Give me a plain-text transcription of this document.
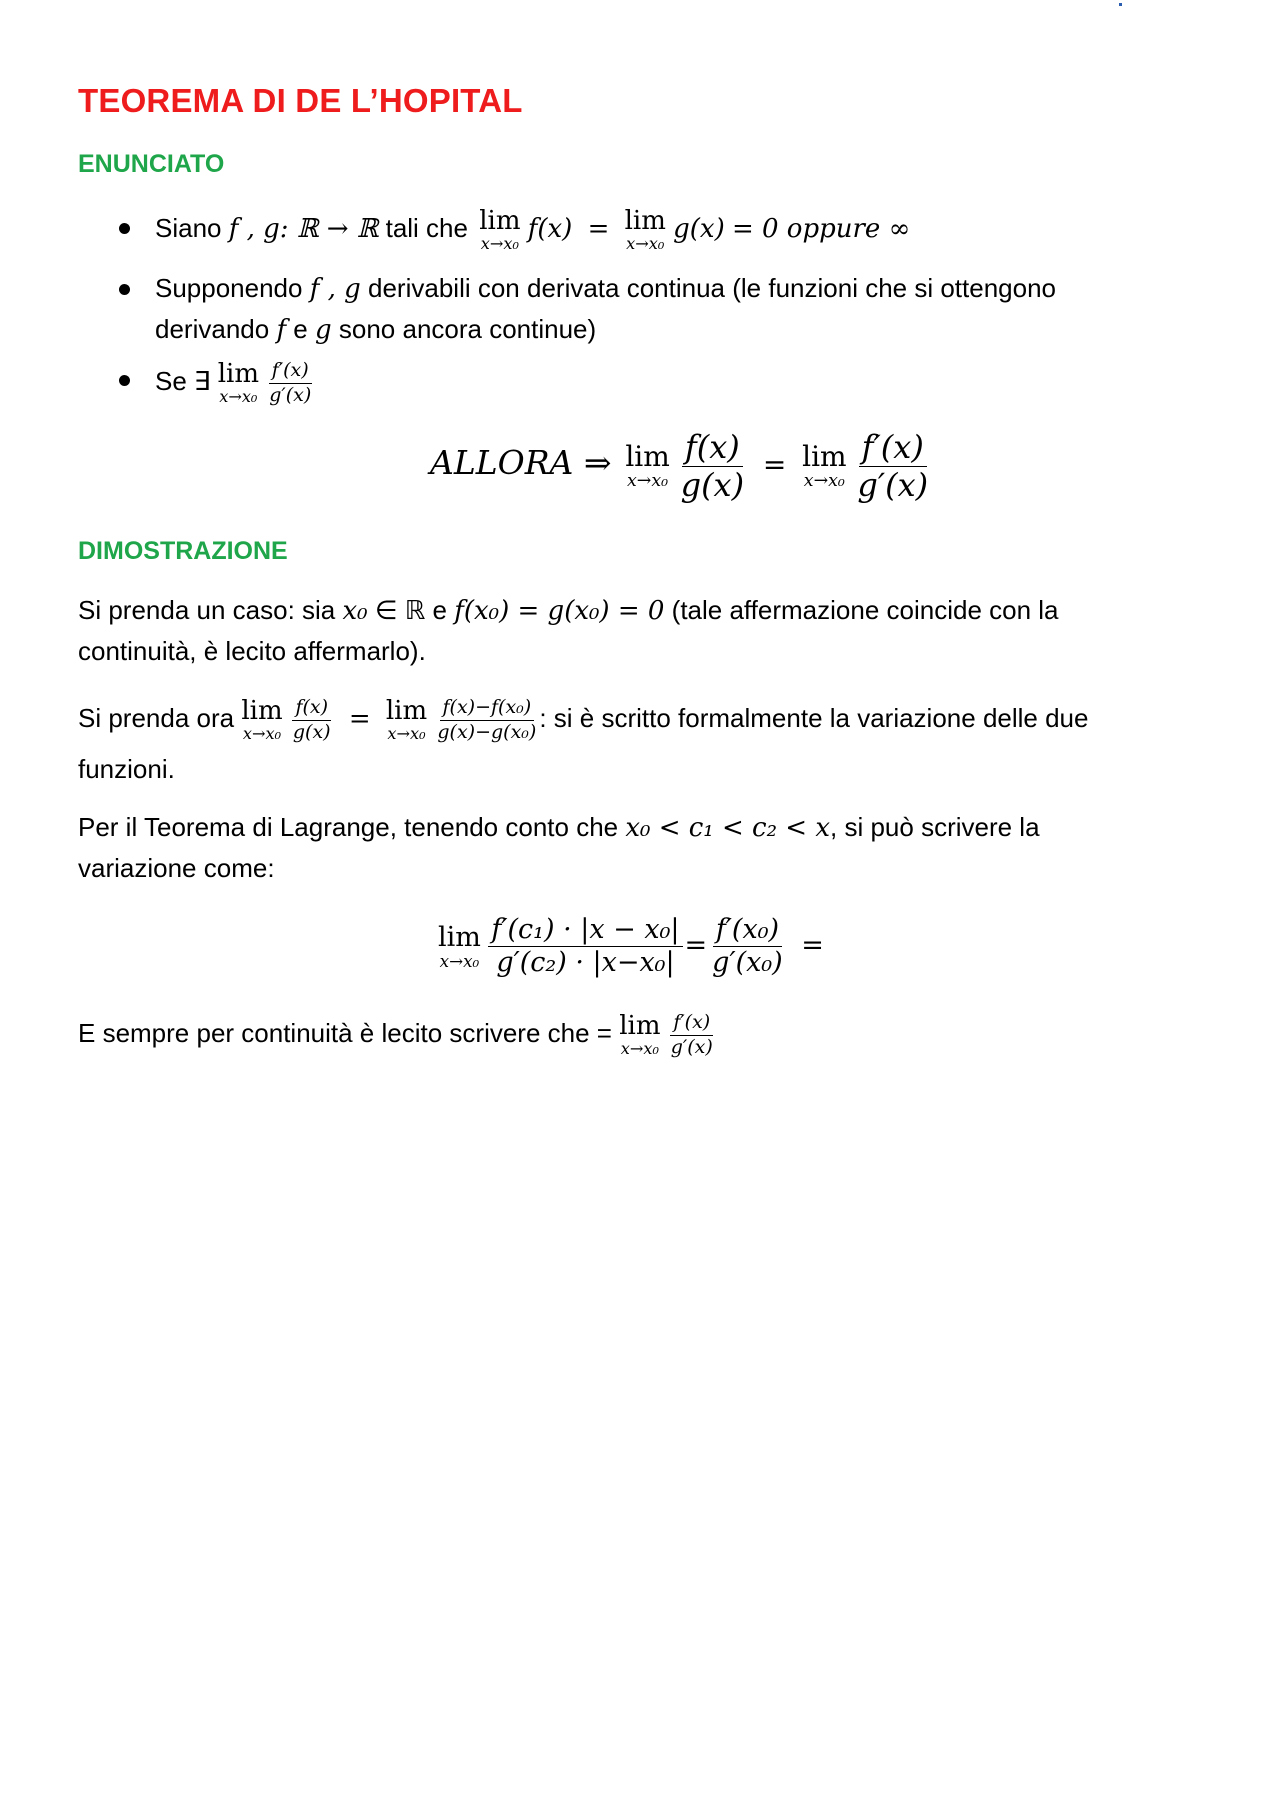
TEOREMA DI DE L’HOPITAL
ENUNCIATO
Siano f , g: ℝ → ℝ tali che lim
x→x₀ f(x) = lim
x→x₀ g(x) = 0 oppure ∞
Supponendo f , g derivabili con derivata continua (le funzioni che si ottengono
derivando f e g sono ancora continue)
Se ∃ lim
x→x₀
$\frac{f'(x)}{g'(x)}$
ALLORA ⇒ lim
x→x₀
$\frac{f(x)}{g(x)} = \lim$
x→x₀
$\frac{f'(x)}{g'(x)}$
DIMOSTRAZIONE
Si prenda un caso: sia x₀ ∈ ℝ e f(x₀) = g(x₀) = 0 (tale affermazione coincide con la
continuità, è lecito affermarlo).
Si prenda ora lim
x→x₀
$\frac{f(x)}{g(x)} = \lim$
x→x₀
$\frac{\text{f(x)−f(x₀)}}{\text{g(x)−g(x₀)}}$ : si è scritto formalmente la variazione delle due
funzioni.
Per il Teorema di Lagrange, tenendo conto che x₀ < c₁ < c₂ < x, si può scrivere la
variazione come:
lim
x→x₀
$\frac{\text{f′(c₁) · |x − x₀|}}{\text{g′(c₂) · |x−x₀|}} = \frac{\text{f′(x₀)}}{\text{g′(x₀)}}$ =
E sempre per continuità è lecito scrivere che = lim
x→x₀
$\frac{f'(x)}{g'(x)}$
